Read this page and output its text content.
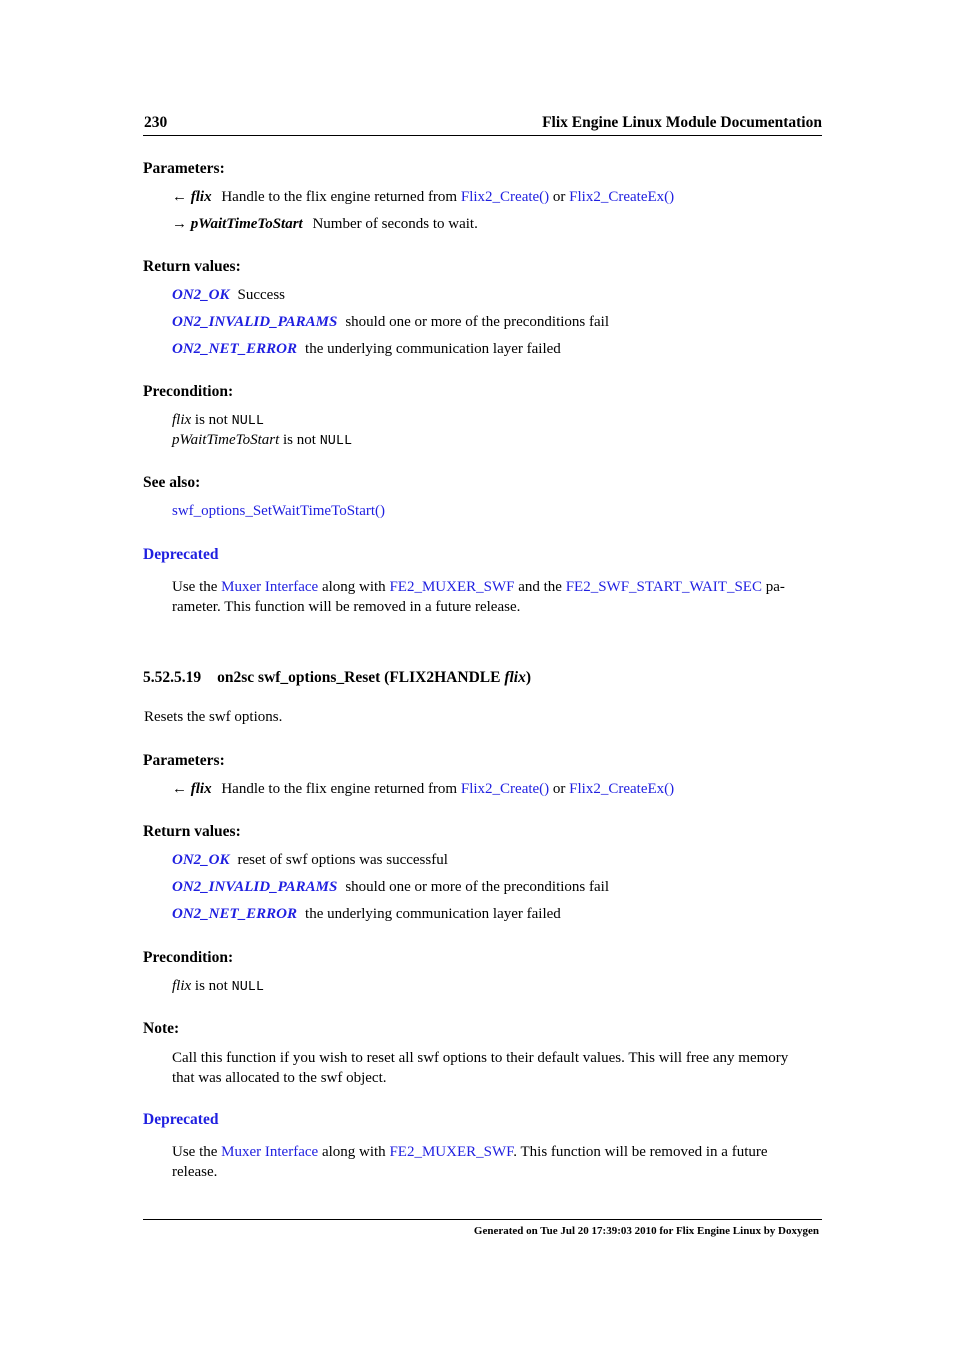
230	Flix Engine Linux Module Documentation
Parameters:
← flix Handle to the flix engine returned from Flix2_Create() or Flix2_CreateEx()
→ pWaitTimeToStart Number of seconds to wait.
Return values:
ON2_OK Success
ON2_INVALID_PARAMS should one or more of the preconditions fail
ON2_NET_ERROR the underlying communication layer failed
Precondition:
flix is not NULL
pWaitTimeToStart is not NULL
See also:
swf_options_SetWaitTimeToStart()
Deprecated
Use the Muxer Interface along with FE2_MUXER_SWF and the FE2_SWF_START_WAIT_SEC pa-
rameter. This function will be removed in a future release.
5.52.5.19 on2sc swf_options_Reset (FLIX2HANDLE flix)
Resets the swf options.
Parameters:
← flix Handle to the flix engine returned from Flix2_Create() or Flix2_CreateEx()
Return values:
ON2_OK reset of swf options was successful
ON2_INVALID_PARAMS should one or more of the preconditions fail
ON2_NET_ERROR the underlying communication layer failed
Precondition:
flix is not NULL
Note:
Call this function if you wish to reset all swf options to their default values. This will free any memory
that was allocated to the swf object.
Deprecated
Use the Muxer Interface along with FE2_MUXER_SWF. This function will be removed in a future
release.
Generated on Tue Jul 20 17:39:03 2010 for Flix Engine Linux by Doxygen
